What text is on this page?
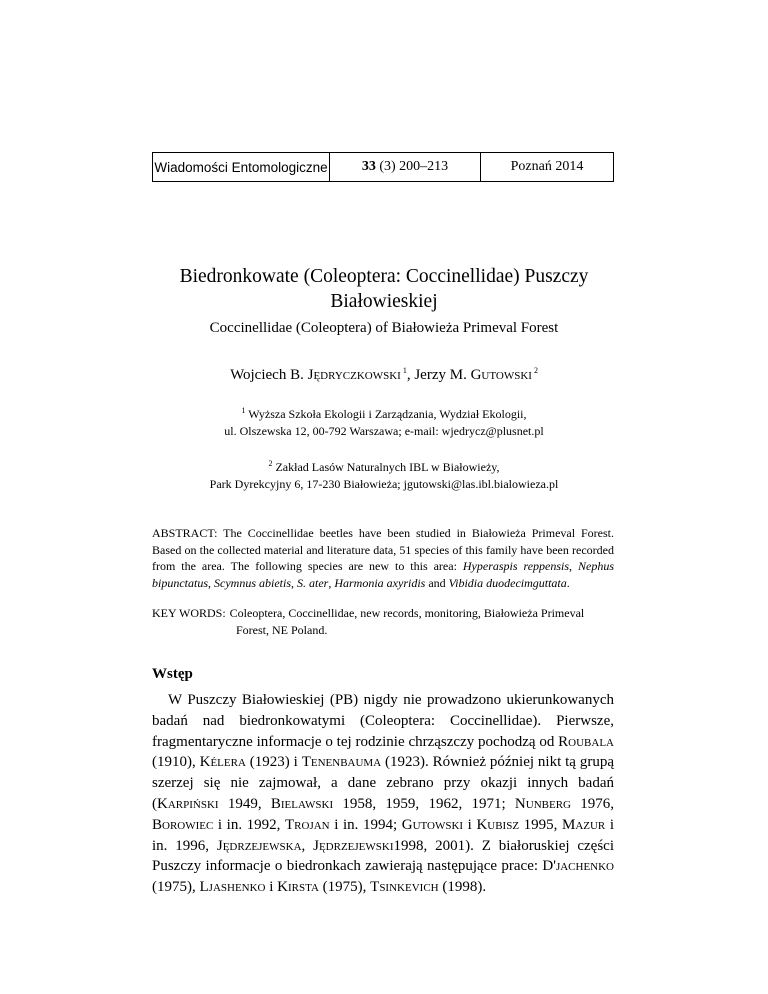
Wiadomości Entomologiczne	33 (3) 200–213	Poznań 2014
Biedronkowate (Coleoptera: Coccinellidae) Puszczy
Białowieskiej
Coccinellidae (Coleoptera) of Białowieża Primeval Forest
Wojciech B. Jędryczkowski $^1$, Jerzy M. Gutowski $^2$
$^1$ Wyższa Szkoła Ekologii i Zarządzania, Wydział Ekologii,
ul. Olszewska 12, 00-792 Warszawa; e-mail: wjedrycz@plusnet.pl
$^2$ Zakład Lasów Naturalnych IBL w Białowieży,
Park Dyrekcyjny 6, 17-230 Białowieża; jgutowski@las.ibl.bialowieza.pl
ABSTRACT: The Coccinellidae beetles have been studied in Białowieża Primeval Forest. Based on the collected material and literature data, 51 species of this family have been recorded from the area. The following species are new to this area: Hyperaspis reppensis, Nephus bipunctatus, Scymnus abietis, S. ater, Harmonia axyridis and Vibidia duodecimguttata.
KEY WORDS: Coleoptera, Coccinellidae, new records, monitoring, Białowieża Primeval
Forest, NE Poland.
Wstęp

W Puszczy Białowieskiej (PB) nigdy nie prowadzono ukierunkowanych badań nad biedronkowatymi (Coleoptera: Coccinellidae). Pierwsze, fragmentaryczne informacje o tej rodzinie chrząszczy pochodzą od Roubala (1910), Kélera (1923) i Tenenbauma (1923). Również później nikt tą grupą szerzej się nie zajmował, a dane zebrano przy okazji innych badań (Karpiński 1949, Bielawski 1958, 1959, 1962, 1971; Nunberg 1976, Borowiec i in. 1992, Trojan i in. 1994; Gutowski i Kubisz 1995, Mazur i in. 1996, Jędrzejewska, Jędrzejewski1998, 2001). Z białoruskiej części Puszczy informacje o biedronkach zawierają następujące prace: D'jachenko (1975), Ljashenko i Kirsta (1975), Tsinkevich (1998).
